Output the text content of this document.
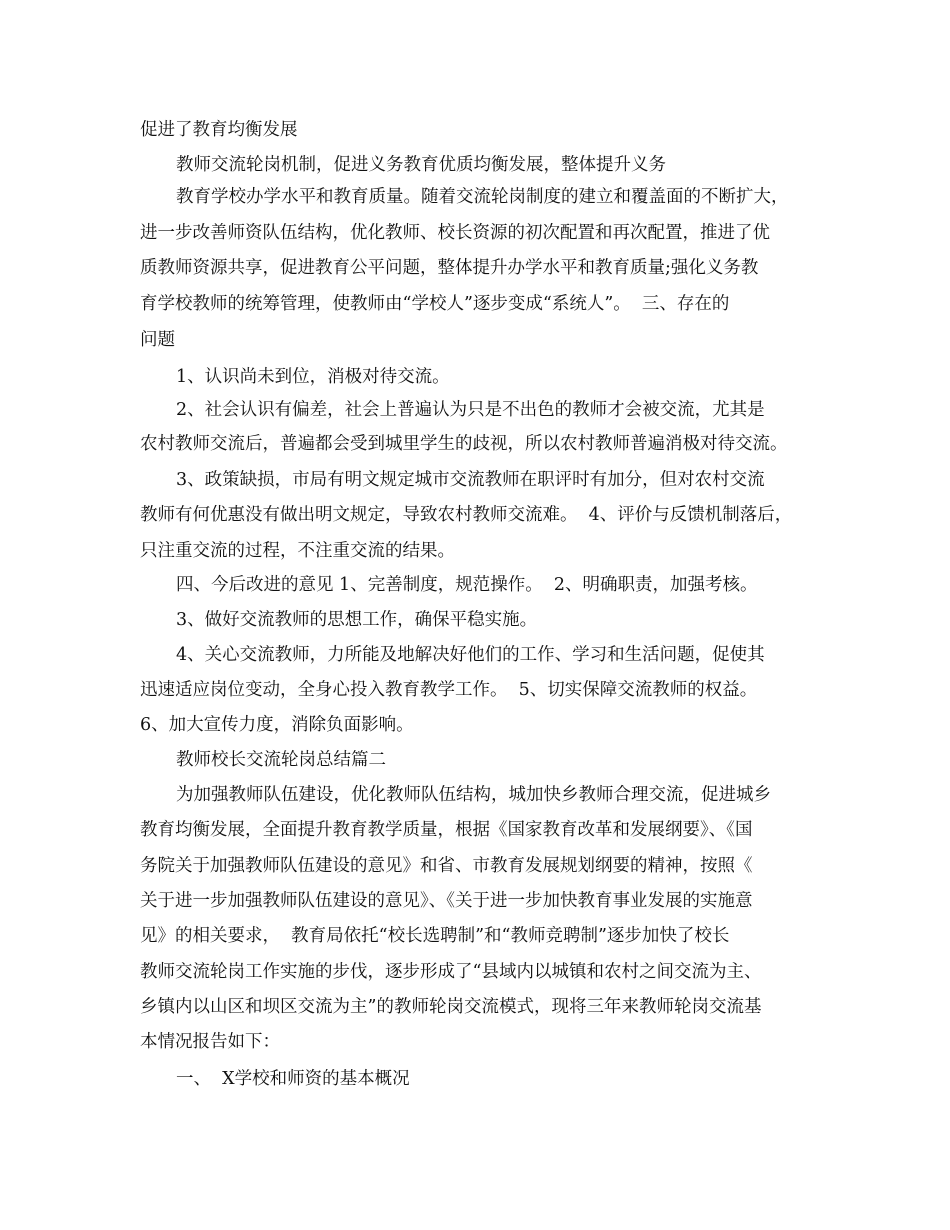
促进了教育均衡发展
教师交流轮岗机制，促进义务教育优质均衡发展，整体提升义务
教育学校办学水平和教育质量。随着交流轮岗制度的建立和覆盖面的不断扩大，
进一步改善师资队伍结构，优化教师、校长资源的初次配置和再次配置，推进了优
质教师资源共享，促进教育公平问题，整体提升办学水平和教育质量;强化义务教
育学校教师的统筹管理，使教师由“学校人”逐步变成“系统人”。  三、存在的
问题
1、认识尚未到位，消极对待交流。
2、社会认识有偏差，社会上普遍认为只是不出色的教师才会被交流，尤其是
农村教师交流后，普遍都会受到城里学生的歧视，所以农村教师普遍消极对待交流。
3、政策缺损，市局有明文规定城市交流教师在职评时有加分，但对农村交流
教师有何优惠没有做出明文规定，导致农村教师交流难。  4、评价与反馈机制落后，
只注重交流的过程，不注重交流的结果。
四、今后改进的意见 1、完善制度，规范操作。  2、明确职责，加强考核。
3、做好交流教师的思想工作，确保平稳实施。
4、关心交流教师，力所能及地解决好他们的工作、学习和生活问题，促使其
迅速适应岗位变动，全身心投入教育教学工作。  5、切实保障交流教师的权益。
6、加大宣传力度，消除负面影响。
教师校长交流轮岗总结篇二
为加强教师队伍建设，优化教师队伍结构，城加快乡教师合理交流，促进城乡
教育均衡发展，全面提升教育教学质量，根据《国家教育改革和发展纲要》、《国
务院关于加强教师队伍建设的意见》和省、市教育发展规划纲要的精神，按照《
关于进一步加强教师队伍建设的意见》、《关于进一步加快教育事业发展的实施意
见》的相关要求，  教育局依托“校长选聘制”和“教师竞聘制”逐步加快了校长
教师交流轮岗工作实施的步伐，逐步形成了“县域内以城镇和农村之间交流为主、
乡镇内以山区和坝区交流为主”的教师轮岗交流模式，现将三年来教师轮岗交流基
本情况报告如下：
一、  X学校和师资的基本概况
